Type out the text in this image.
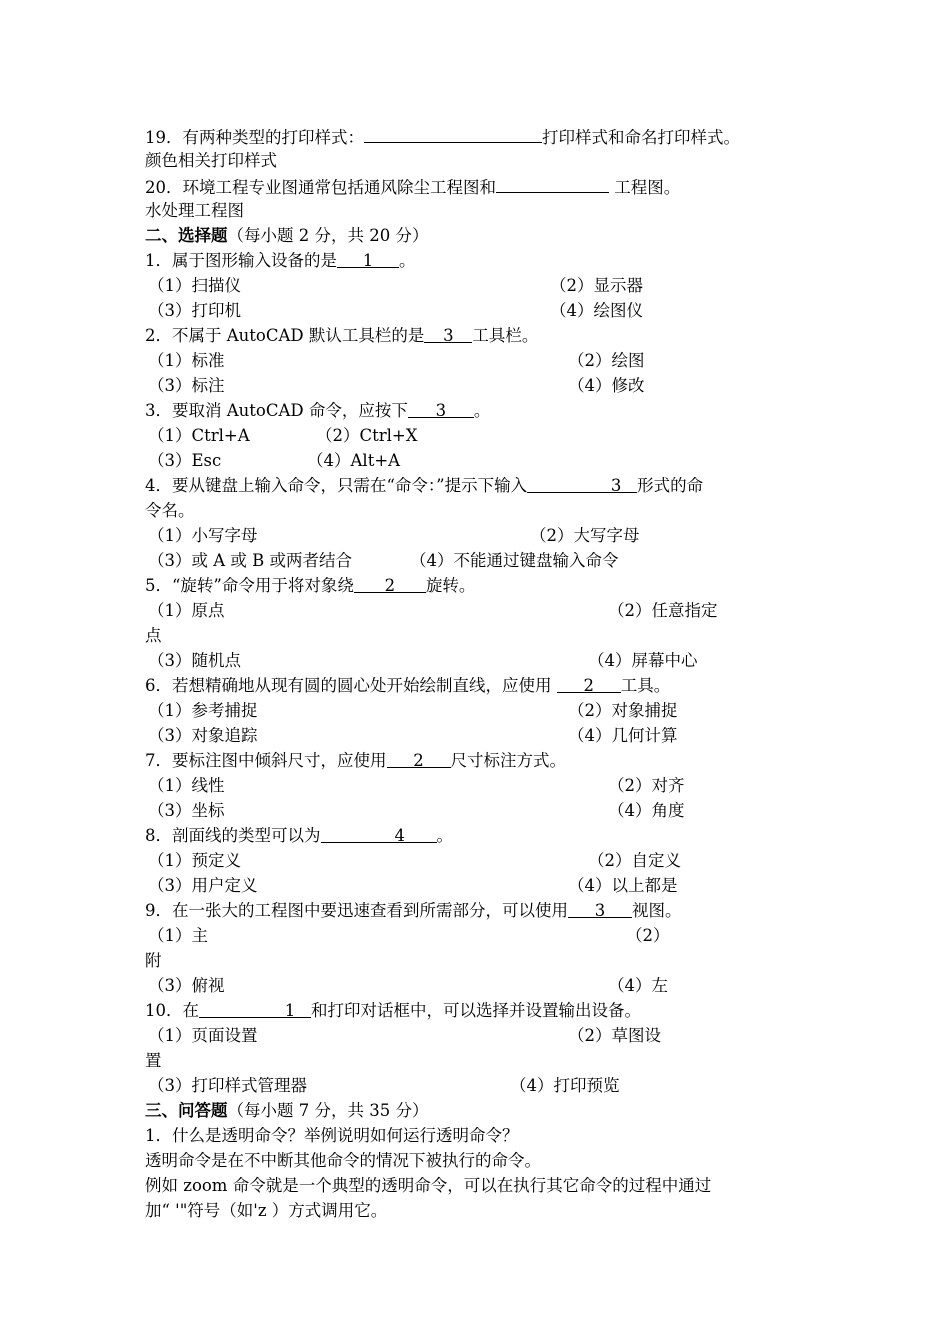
19．有两种类型的打印样式：	打印样式和命名打印样式。
颜色相关打印样式
20．环境工程专业图通常包括通风除尘工程图和	工程图。
水处理工程图
二、选择题（每小题 2 分，共 20 分）
1．属于图形输入设备的是 1 。
（1）扫描仪	（2）显示器
（3）打印机	（4）绘图仪
2．不属于 AutoCAD 默认工具栏的是 3 工具栏。
（1）标准	（2）绘图
（3）标注	（4）修改
3．要取消 AutoCAD 命令，应按下 3 。
（1）Ctrl+A	（2）Ctrl+X
（3）Esc	（4）Alt+A
4．要从键盘上输入命令，只需在“命令：”提示下输入	3 形式的命
令名。
（1）小写字母	（2）大写字母
（3）或 A 或 B 或两者结合	（4）不能通过键盘输入命令
5．“旋转”命令用于将对象绕 2 旋转。
（1）原点	（2）任意指定
点
（3）随机点	（4）屏幕中心
6．若想精确地从现有圆的圆心处开始绘制直线，应使用 2 工具。
（1）参考捕捉	（2）对象捕捉
（3）对象追踪	（4）几何计算
7．要标注图中倾斜尺寸，应使用 2 尺寸标注方式。
（1）线性	（2）对齐
（3）坐标	（4）角度
8．剖面线的类型可以为	4 。
（1）预定义	（2）自定义
（3）用户定义	（4）以上都是
9．在一张大的工程图中要迅速查看到所需部分，可以使用 3 视图。
（1）主	（2）
附
（3）俯视	（4）左
10．在	1 和打印对话框中，可以选择并设置输出设备。
（1）页面设置	（2）草图设
置
（3）打印样式管理器	（4）打印预览
三、问答题（每小题 7 分，共 35 分）
1．什么是透明命令？举例说明如何运行透明命令？
透明命令是在不中断其他命令的情况下被执行的命令。
例如 zoom 命令就是一个典型的透明命令，可以在执行其它命令的过程中通过
加“ '"符号（如'z ）方式调用它。
